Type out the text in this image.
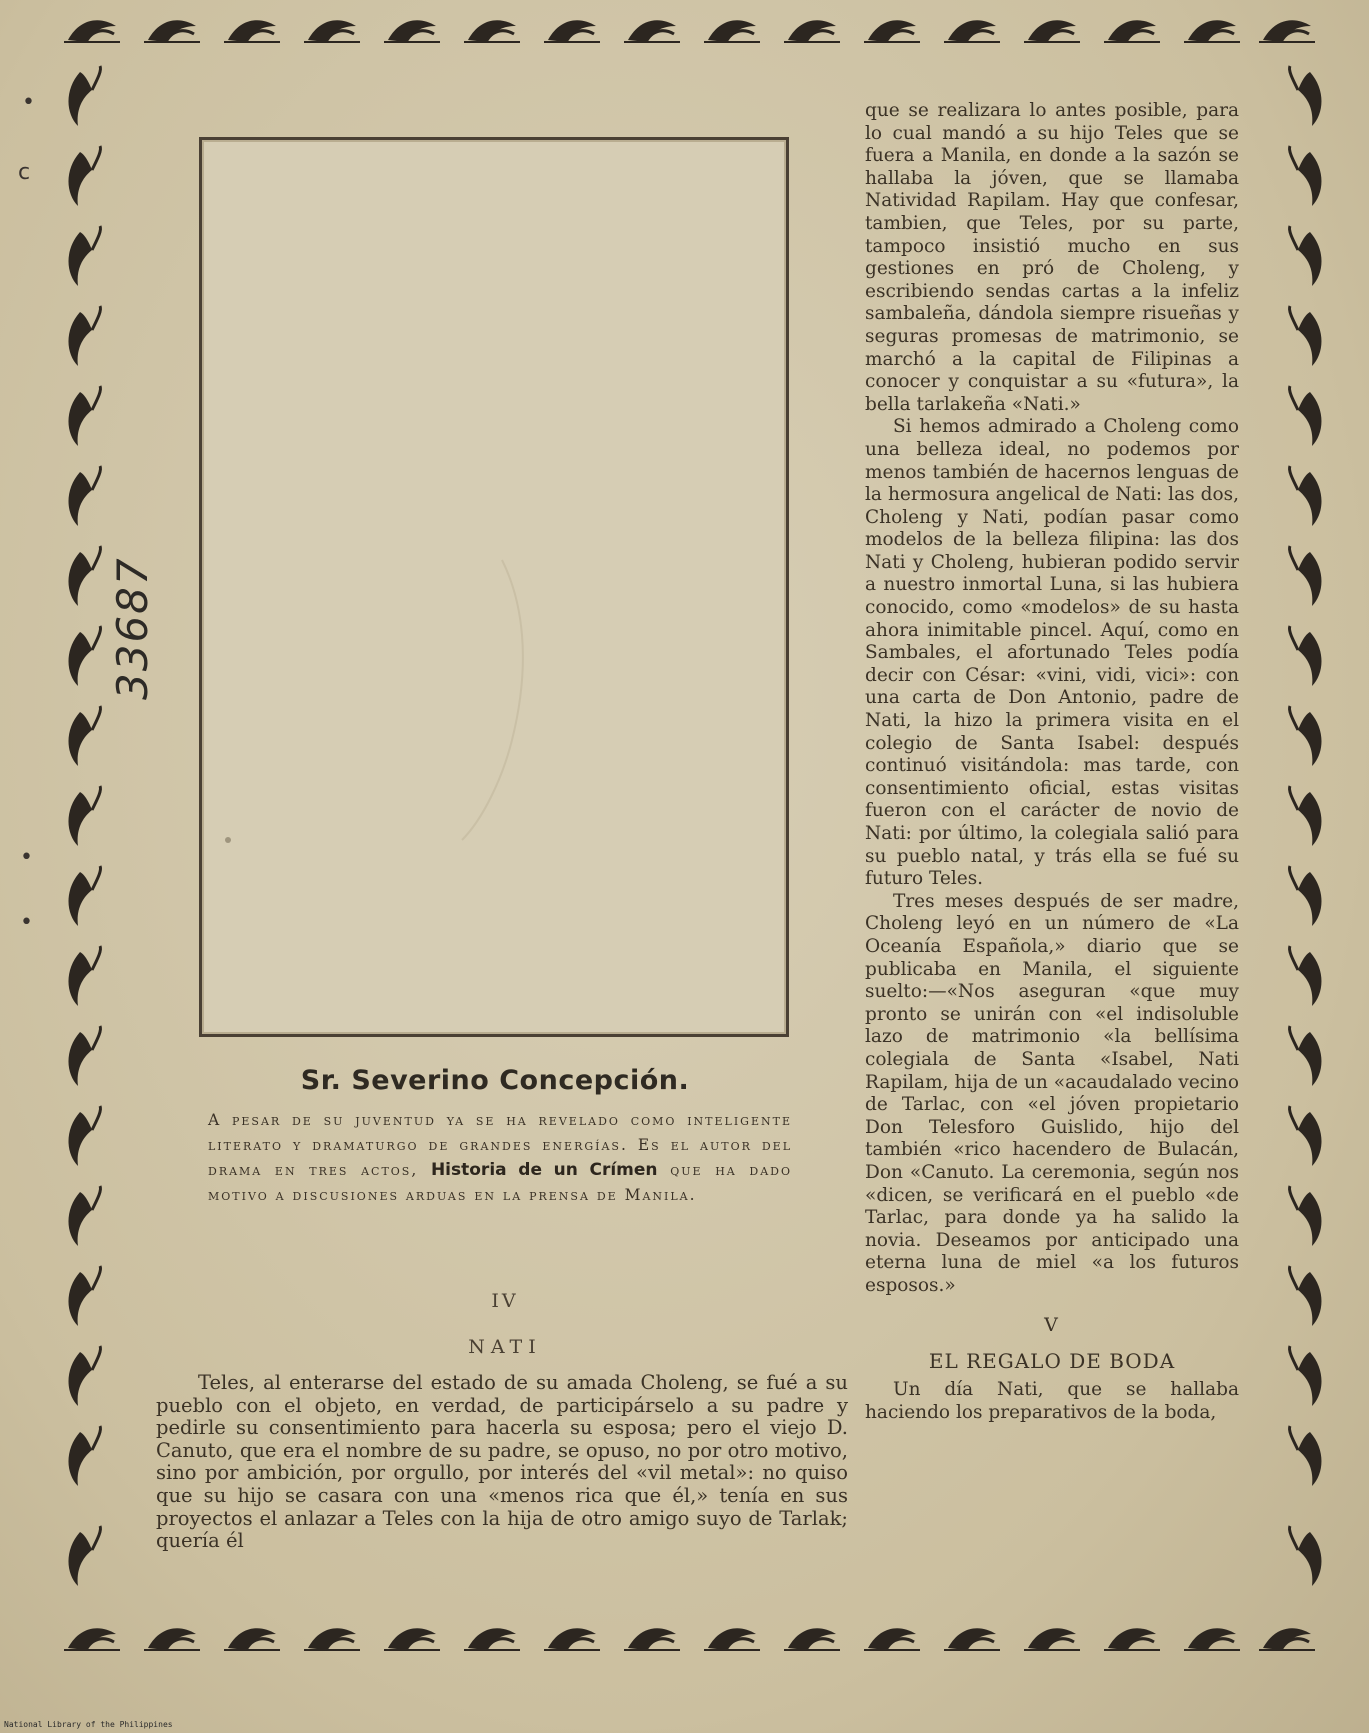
•
c
•
•
33687
Sr. Severino Concepción.

A pesar de su juventud ya se ha revelado como inteligente literato y dramaturgo de grandes energías. Es el autor del drama en tres actos, Historia de un Crímen que ha dado motivo a discusiones arduas en la prensa de Manila.

IV
NATI

Teles, al enterarse del estado de su amada Choleng, se fué a su pueblo con el objeto, en verdad, de participárselo a su padre y pedirle su consentimiento para hacerla su esposa; pero el viejo D. Canuto, que era el nombre de su padre, se opuso, no por otro motivo, sino por ambición, por orgullo, por interés del «vil metal»: no quiso que su hijo se casara con una «menos rica que él,» tenía en sus proyectos el anlazar a Teles con la hija de otro amigo suyo de Tarlak; quería él

que se realizara lo antes posible, para lo cual mandó a su hijo Teles que se fuera a Manila, en donde a la sazón se hallaba la jóven, que se llamaba Natividad Rapilam. Hay que confesar, tambien, que Teles, por su parte, tampoco insistió mucho en sus gestiones en pró de Choleng, y escribiendo sendas cartas a la infeliz sambaleña, dándola siempre risueñas y seguras promesas de matrimonio, se marchó a la capital de Filipinas a conocer y conquistar a su «futura», la bella tarlakeña «Nati.»

Si hemos admirado a Choleng como una belleza ideal, no podemos por menos también de hacernos lenguas de la hermosura angelical de Nati: las dos, Choleng y Nati, podían pasar como modelos de la belleza filipina: las dos Nati y Choleng, hubieran podido servir a nuestro inmortal Luna, si las hubiera conocido, como «modelos» de su hasta ahora inimitable pincel. Aquí, como en Sambales, el afortunado Teles podía decir con César: «vini, vidi, vici»: con una carta de Don Antonio, padre de Nati, la hizo la primera visita en el colegio de Santa Isabel: después continuó visitándola: mas tarde, con consentimiento oficial, estas visitas fueron con el carácter de novio de Nati: por último, la colegiala salió para su pueblo natal, y trás ella se fué su futuro Teles.

Tres meses después de ser madre, Choleng leyó en un número de «La Oceanía Española,» diario que se publicaba en Manila, el siguiente suelto:—«Nos aseguran «que muy pronto se unirán con «el indisoluble lazo de matrimonio «la bellísima colegiala de Santa «Isabel, Nati Rapilam, hija de un «acaudalado vecino de Tarlac, con «el jóven propietario Don Telesforo Guislido, hijo del también «rico hacendero de Bulacán, Don «Canuto. La ceremonia, según nos «dicen, se verificará en el pueblo «de Tarlac, para donde ya ha salido la novia. Deseamos por anticipado una eterna luna de miel «a los futuros esposos.»

V
EL REGALO DE BODA

Un día Nati, que se hallaba haciendo los preparativos de la boda,

National Library of the Philippines
